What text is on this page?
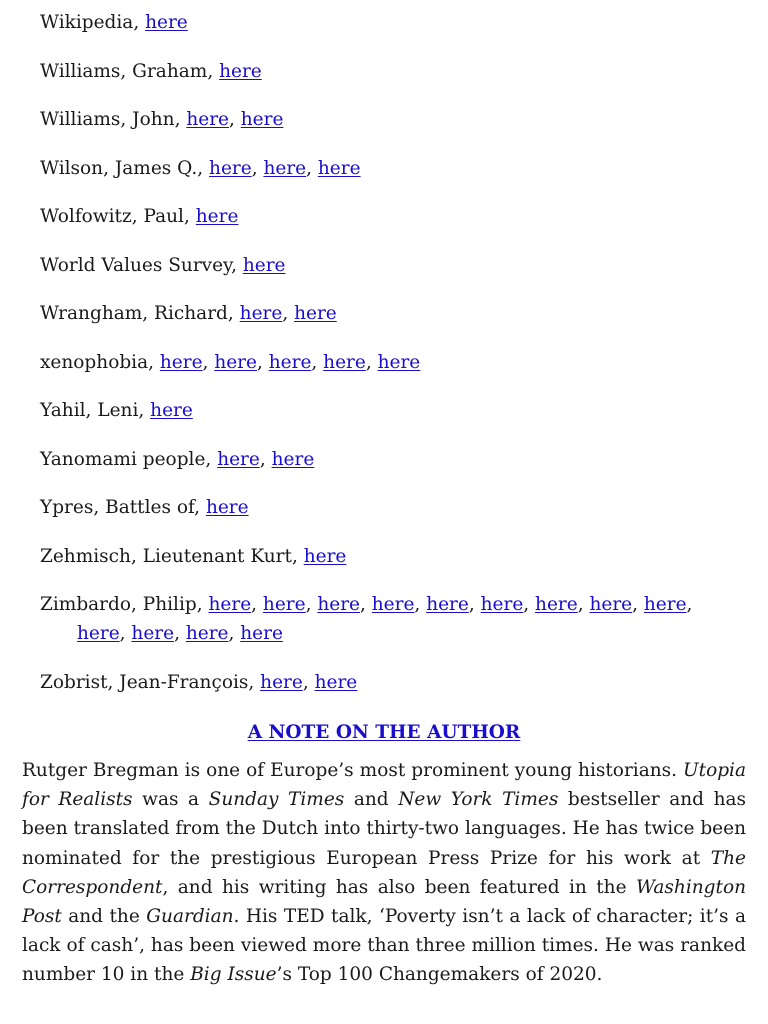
Wikipedia, here
Williams, Graham, here
Williams, John, here, here
Wilson, James Q., here, here, here
Wolfowitz, Paul, here
World Values Survey, here
Wrangham, Richard, here, here
xenophobia, here, here, here, here, here
Yahil, Leni, here
Yanomami people, here, here
Ypres, Battles of, here
Zehmisch, Lieutenant Kurt, here
Zimbardo, Philip, here, here, here, here, here, here, here, here, here, here, here, here, here
Zobrist, Jean-François, here, here
A NOTE ON THE AUTHOR

Rutger Bregman is one of Europe’s most prominent young historians. Utopia for Realists was a Sunday Times and New York Times bestseller and has been translated from the Dutch into thirty-two languages. He has twice been nominated for the prestigious European Press Prize for his work at The Correspondent, and his writing has also been featured in the Washington Post and the Guardian. His TED talk, ‘Poverty isn’t a lack of character; it’s a lack of cash’, has been viewed more than three million times. He was ranked number 10 in the Big Issue’s Top 100 Changemakers of 2020.
